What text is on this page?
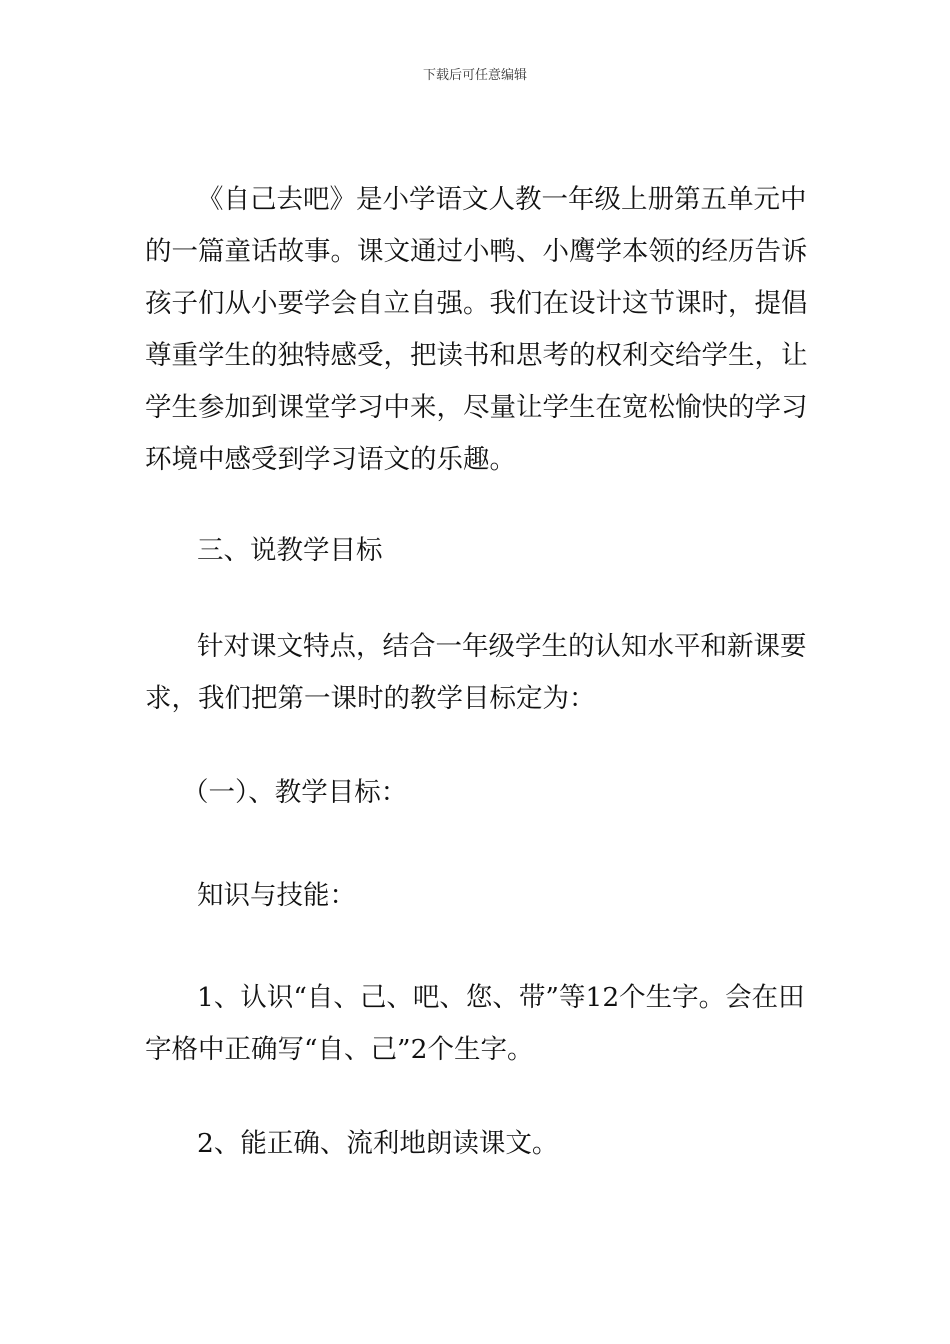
下载后可任意编辑
《自己去吧》是小学语文人教一年级上册第五单元中
的一篇童话故事。课文通过小鸭、小鹰学本领的经历告诉
孩子们从小要学会自立自强。我们在设计这节课时，提倡
尊重学生的独特感受，把读书和思考的权利交给学生，让
学生参加到课堂学习中来，尽量让学生在宽松愉快的学习
环境中感受到学习语文的乐趣。
三、说教学目标
针对课文特点，结合一年级学生的认知水平和新课要
求，我们把第一课时的教学目标定为：
（一）、教学目标：
知识与技能：
1、认识“自、己、吧、您、带”等12个生字。会在田
字格中正确写“自、己”2个生字。
2、能正确、流利地朗读课文。
